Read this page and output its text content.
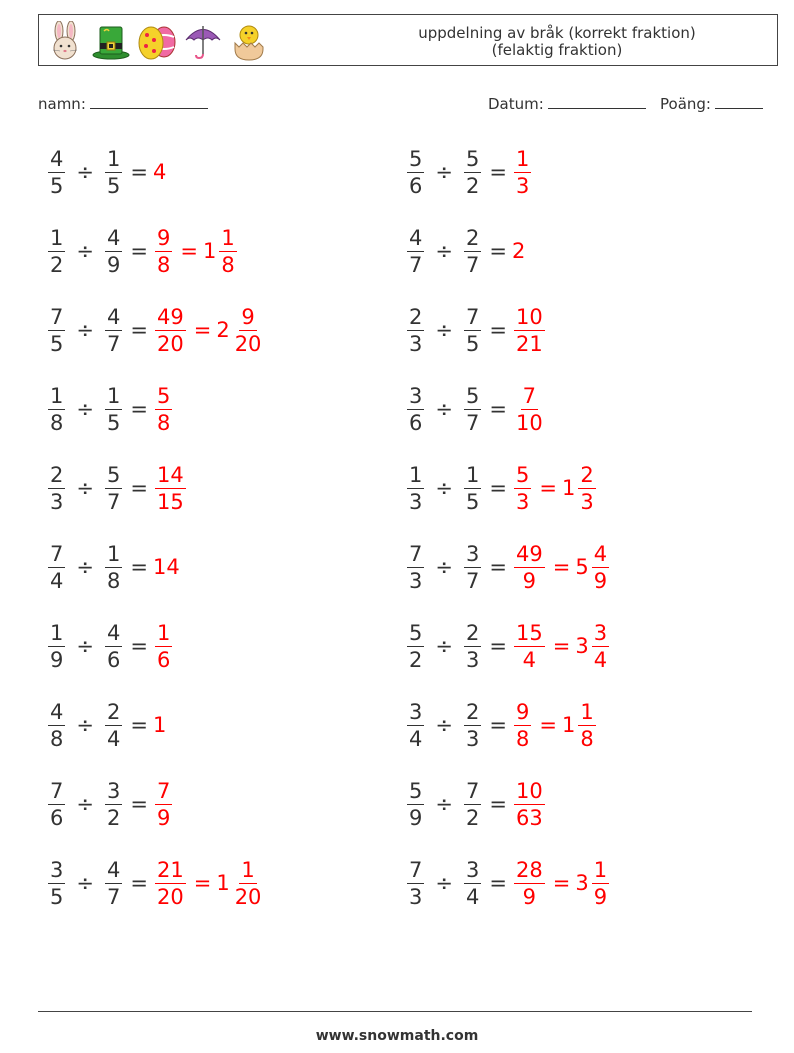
uppdelning av bråk (korrekt fraktion)
(felaktig fraktion)
namn:	Datum:	Poäng:
$\frac{4}{5} \div \frac{1}{5} = 4$	$\frac{5}{6} \div \frac{5}{2} = \frac{1}{3}$
$\frac{1}{2} \div \frac{4}{9} = \frac{9}{8} = 1 \frac{1}{8}$	$\frac{4}{7} \div \frac{2}{7} = 2$
$\frac{7}{5} \div \frac{4}{7} = \frac{49}{20} = 2 \frac{9}{20}$	$\frac{2}{3} \div \frac{7}{5} = \frac{10}{21}$
$\frac{1}{8} \div \frac{1}{5} = \frac{5}{8}$	$\frac{3}{6} \div \frac{5}{7} = \frac{7}{10}$
$\frac{2}{3} \div \frac{5}{7} = \frac{14}{15}$	$\frac{1}{3} \div \frac{1}{5} = \frac{5}{3} = 1 \frac{2}{3}$
$\frac{7}{4} \div \frac{1}{8} = 14$	$\frac{7}{3} \div \frac{3}{7} = \frac{49}{9} = 5 \frac{4}{9}$
$\frac{1}{9} \div \frac{4}{6} = \frac{1}{6}$	$\frac{5}{2} \div \frac{2}{3} = \frac{15}{4} = 3 \frac{3}{4}$
$\frac{4}{8} \div \frac{2}{4} = 1$	$\frac{3}{4} \div \frac{2}{3} = \frac{9}{8} = 1 \frac{1}{8}$
$\frac{7}{6} \div \frac{3}{2} = \frac{7}{9}$	$\frac{5}{9} \div \frac{7}{2} = \frac{10}{63}$
$\frac{3}{5} \div \frac{4}{7} = \frac{21}{20} = 1 \frac{1}{20}$	$\frac{7}{3} \div \frac{3}{4} = \frac{28}{9} = 3 \frac{1}{9}$
www.snowmath.com
